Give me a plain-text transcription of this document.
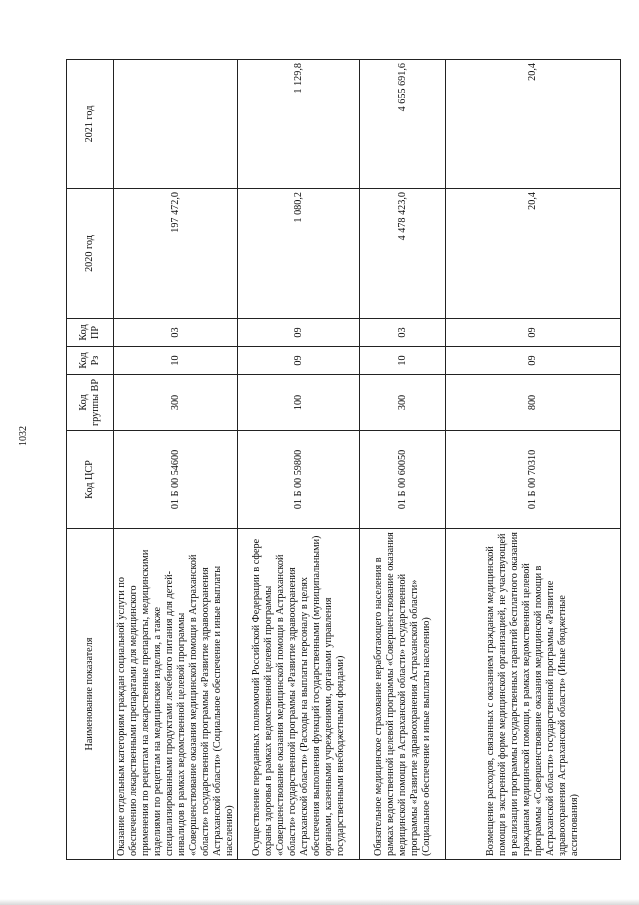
1032
Наименование показателя	Код ЦСР	Код группы ВР	Код Рз	Код ПР	2020 год	2021 год
Оказание отдельным категориям граждан социальной услуги по обеспечению лекарственными препаратами для медицинского применения по рецептам на лекарственные препараты, медицинскими изделиями по рецептам на медицинские изделия, а также специализированными продуктами лечебного питания для детей-инвалидов в рамках ведомственной целевой программы «Совершенствование оказания медицинской помощи в Астраханской области» государственной программы «Развитие здравоохранения Астраханской области» (Социальное обеспечение и иные выплаты населению)	01 Б 00 54600	300	10	03	197 472,0	
Осуществление переданных полномочий Российской Федерации в сфере охраны здоровья в рамках ведомственной целевой программы «Совершенствование оказания медицинской помощи в Астраханской области» государственной программы «Развитие здравоохранения Астраханской области» (Расходы на выплаты персоналу в целях обеспечения выполнения функций государственными (муниципальными) органами, казенными учреждениями, органами управления государственными внебюджетными фондами)	01 Б 00 59800	100	09	09	1 080,2	1 129,8
Обязательное медицинское страхование неработающего населения в рамках ведомственной целевой программы «Совершенствование оказания медицинской помощи в Астраханской области» государственной программы «Развитие здравоохранения Астраханской области» (Социальное обеспечение и иные выплаты населению)	01 Б 00 60050	300	10	03	4 478 423,0	4 655 691,6
Возмещение расходов, связанных с оказанием гражданам медицинской помощи в экстренной форме медицинской организацией, не участвующей в реализации программы государственных гарантий бесплатного оказания гражданам медицинской помощи, в рамках ведомственной целевой программы «Совершенствование оказания медицинской помощи в Астраханской области» государственной программы «Развитие здравоохранения Астраханской области» (Иные бюджетные ассигнования)	01 Б 00 70310	800	09	09	20,4	20,4
